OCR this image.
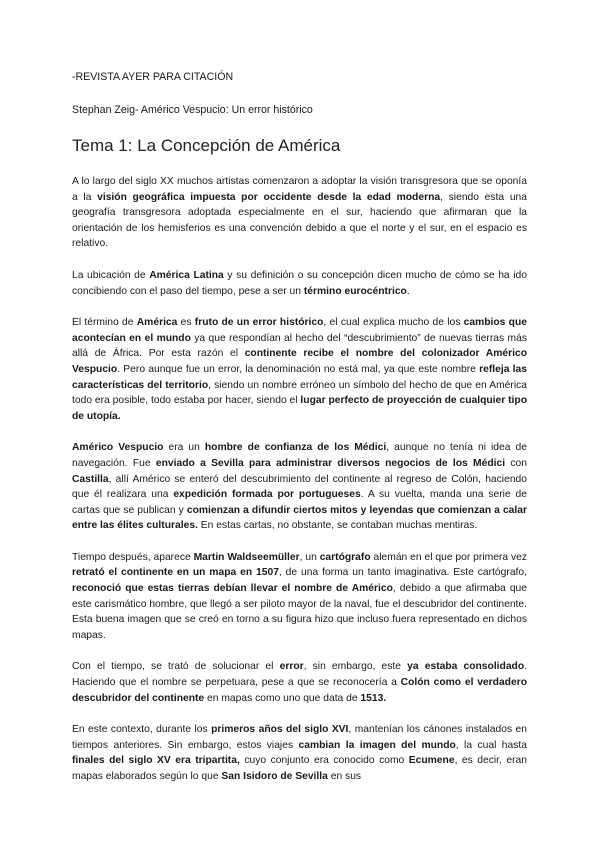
-REVISTA AYER PARA CITACIÓN

Stephan Zeig- Américo Vespucio: Un error histórico

Tema 1: La Concepción de América

A lo largo del siglo XX muchos artistas comenzaron a adoptar la visión transgresora que se oponía a la visión geográfica impuesta por occidente desde la edad moderna, siendo esta una geografía transgresora adoptada especialmente en el sur, haciendo que afirmaran que la orientación de los hemisferios es una convención debido a que el norte y el sur, en el espacio es relativo.

La ubicación de América Latina y su definición o su concepción dicen mucho de cómo se ha ido concibiendo con el paso del tiempo, pese a ser un término eurocéntrico.

El término de América es fruto de un error histórico, el cual explica mucho de los cambios que acontecían en el mundo ya que respondían al hecho del “descubrimiento” de nuevas tierras más allá de África. Por esta razón el continente recibe el nombre del colonizador Américo Vespucio. Pero aunque fue un error, la denominación no está mal, ya que este nombre refleja las características del territorio, siendo un nombre erróneo un símbolo del hecho de que en América todo era posible, todo estaba por hacer, siendo el lugar perfecto de proyección de cualquier tipo de utopía.

Américo Vespucio era un hombre de confianza de los Médici, aunque no tenía ni idea de navegación. Fue enviado a Sevilla para administrar diversos negocios de los Médici con Castilla, allí Américo se enteró del descubrimiento del continente al regreso de Colón, haciendo que él realizara una expedición formada por portugueses. A su vuelta, manda una serie de cartas que se publican y comienzan a difundir ciertos mitos y leyendas que comienzan a calar entre las élites culturales. En estas cartas, no obstante, se contaban muchas mentiras.

Tiempo después, aparece Martin Waldseemüller, un cartógrafo alemán en el que por primera vez retrató el continente en un mapa en 1507, de una forma un tanto imaginativa. Este cartógrafo, reconoció que estas tierras debían llevar el nombre de Américo, debido a que afirmaba que este carismático hombre, que llegó a ser piloto mayor de la naval, fue el descubridor del continente. Esta buena imagen que se creó en torno a su figura hizo que incluso fuera representado en dichos mapas.

Con el tiempo, se trató de solucionar el error, sin embargo, este ya estaba consolidado. Haciendo que el nombre se perpetuara, pese a que se reconocería a Colón como el verdadero descubridor del continente en mapas como uno que data de 1513.

En este contexto, durante los primeros años del siglo XVI, mantenían los cánones instalados en tiempos anteriores. Sin embargo, estos viajes cambian la imagen del mundo, la cual hasta finales del siglo XV era tripartita, cuyo conjunto era conocido como Ecumene, es decir, eran mapas elaborados según lo que San Isidoro de Sevilla en sus
